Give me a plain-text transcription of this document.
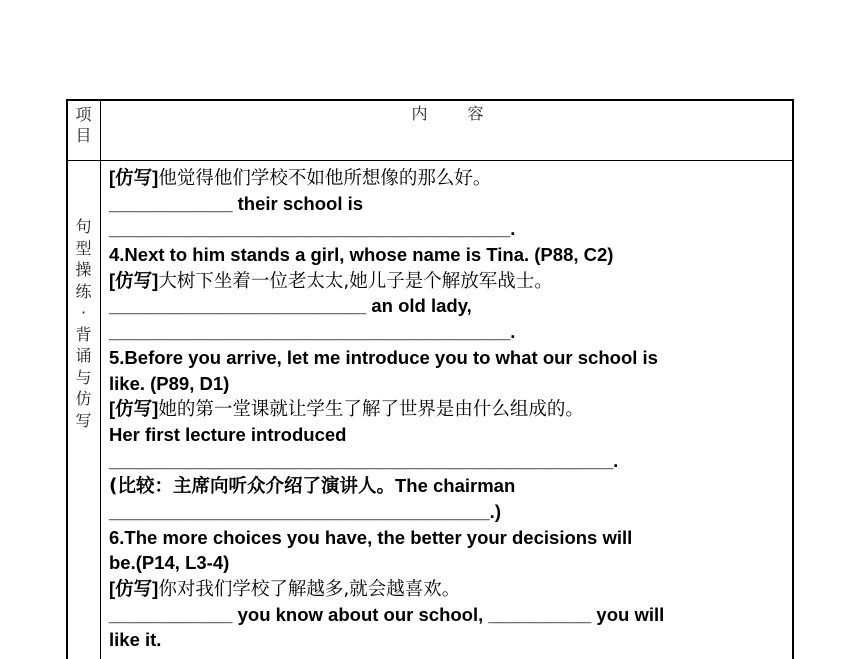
项
目
内	容
句
型
操
练
·
背
诵
与
仿
写
[仿写]他觉得他们学校不如他所想像的那么好。
____________ their school is
_______________________________________.
4.Next to him stands a girl, whose name is Tina. (P88, C2)
[仿写]大树下坐着一位老太太,她儿子是个解放军战士。
_________________________ an old lady,
_______________________________________.
5.Before you arrive, let me introduce you to what our school is
like. (P89, D1)
[仿写]她的第一堂课就让学生了解了世界是由什么组成的。
Her first lecture introduced
_________________________________________________.
(比较：主席向听众介绍了演讲人。The chairman
_____________________________________.)
6.The more choices you have, the better your decisions will
be.(P14, L3-4)
[仿写]你对我们学校了解越多,就会越喜欢。
____________ you know about our school, __________ you will
like it.
